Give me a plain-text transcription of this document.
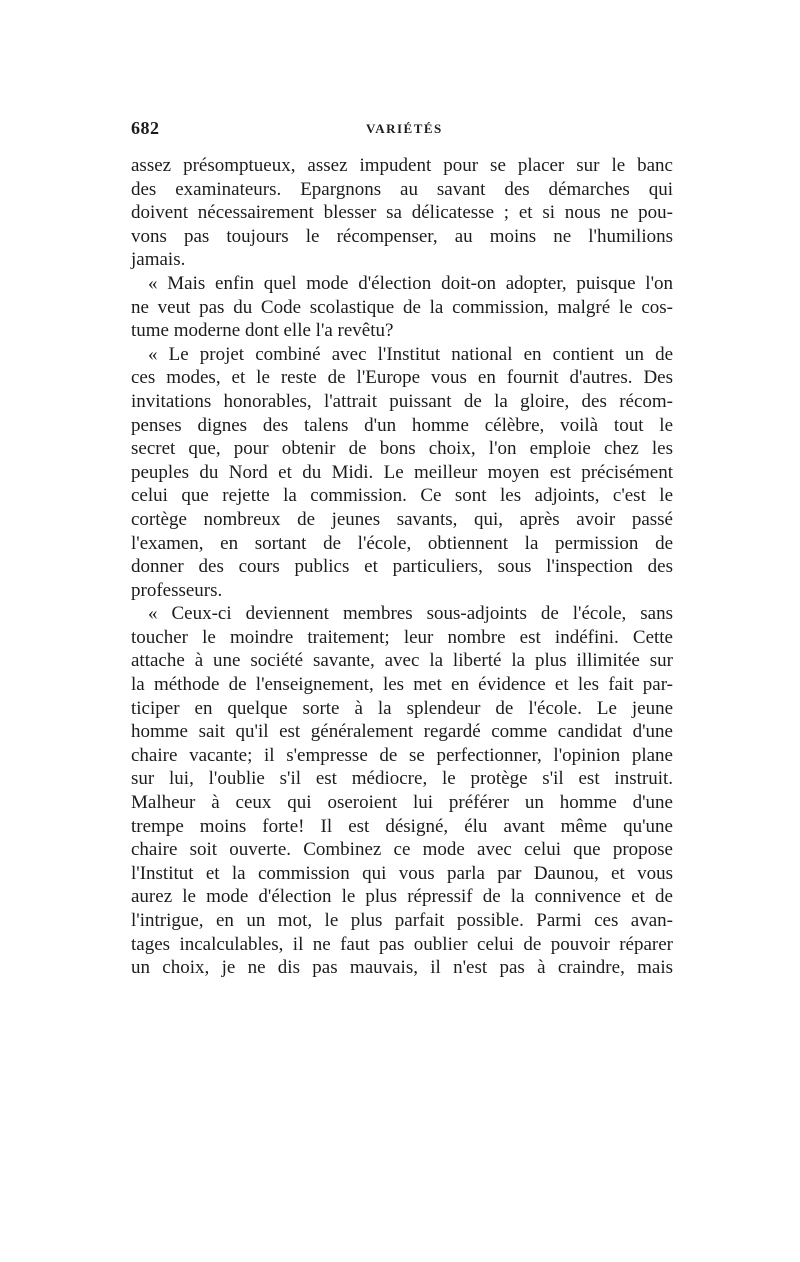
682	VARIÉTÉS
assez présomptueux, assez impudent pour se placer sur le banc
des examinateurs. Epargnons au savant des démarches qui
doivent nécessairement blesser sa délicatesse ; et si nous ne pou-
vons pas toujours le récompenser, au moins ne l'humilions
jamais.
« Mais enfin quel mode d'élection doit-on adopter, puisque l'on
ne veut pas du Code scolastique de la commission, malgré le cos-
tume moderne dont elle l'a revêtu?
« Le projet combiné avec l'Institut national en contient un de
ces modes, et le reste de l'Europe vous en fournit d'autres. Des
invitations honorables, l'attrait puissant de la gloire, des récom-
penses dignes des talens d'un homme célèbre, voilà tout le
secret que, pour obtenir de bons choix, l'on emploie chez les
peuples du Nord et du Midi. Le meilleur moyen est précisément
celui que rejette la commission. Ce sont les adjoints, c'est le
cortège nombreux de jeunes savants, qui, après avoir passé
l'examen, en sortant de l'école, obtiennent la permission de
donner des cours publics et particuliers, sous l'inspection des
professeurs.
« Ceux-ci deviennent membres sous-adjoints de l'école, sans
toucher le moindre traitement; leur nombre est indéfini. Cette
attache à une société savante, avec la liberté la plus illimitée sur
la méthode de l'enseignement, les met en évidence et les fait par-
ticiper en quelque sorte à la splendeur de l'école. Le jeune
homme sait qu'il est généralement regardé comme candidat d'une
chaire vacante; il s'empresse de se perfectionner, l'opinion plane
sur lui, l'oublie s'il est médiocre, le protège s'il est instruit.
Malheur à ceux qui oseroient lui préférer un homme d'une
trempe moins forte! Il est désigné, élu avant même qu'une
chaire soit ouverte. Combinez ce mode avec celui que propose
l'Institut et la commission qui vous parla par Daunou, et vous
aurez le mode d'élection le plus répressif de la connivence et de
l'intrigue, en un mot, le plus parfait possible. Parmi ces avan-
tages incalculables, il ne faut pas oublier celui de pouvoir réparer
un choix, je ne dis pas mauvais, il n'est pas à craindre, mais
